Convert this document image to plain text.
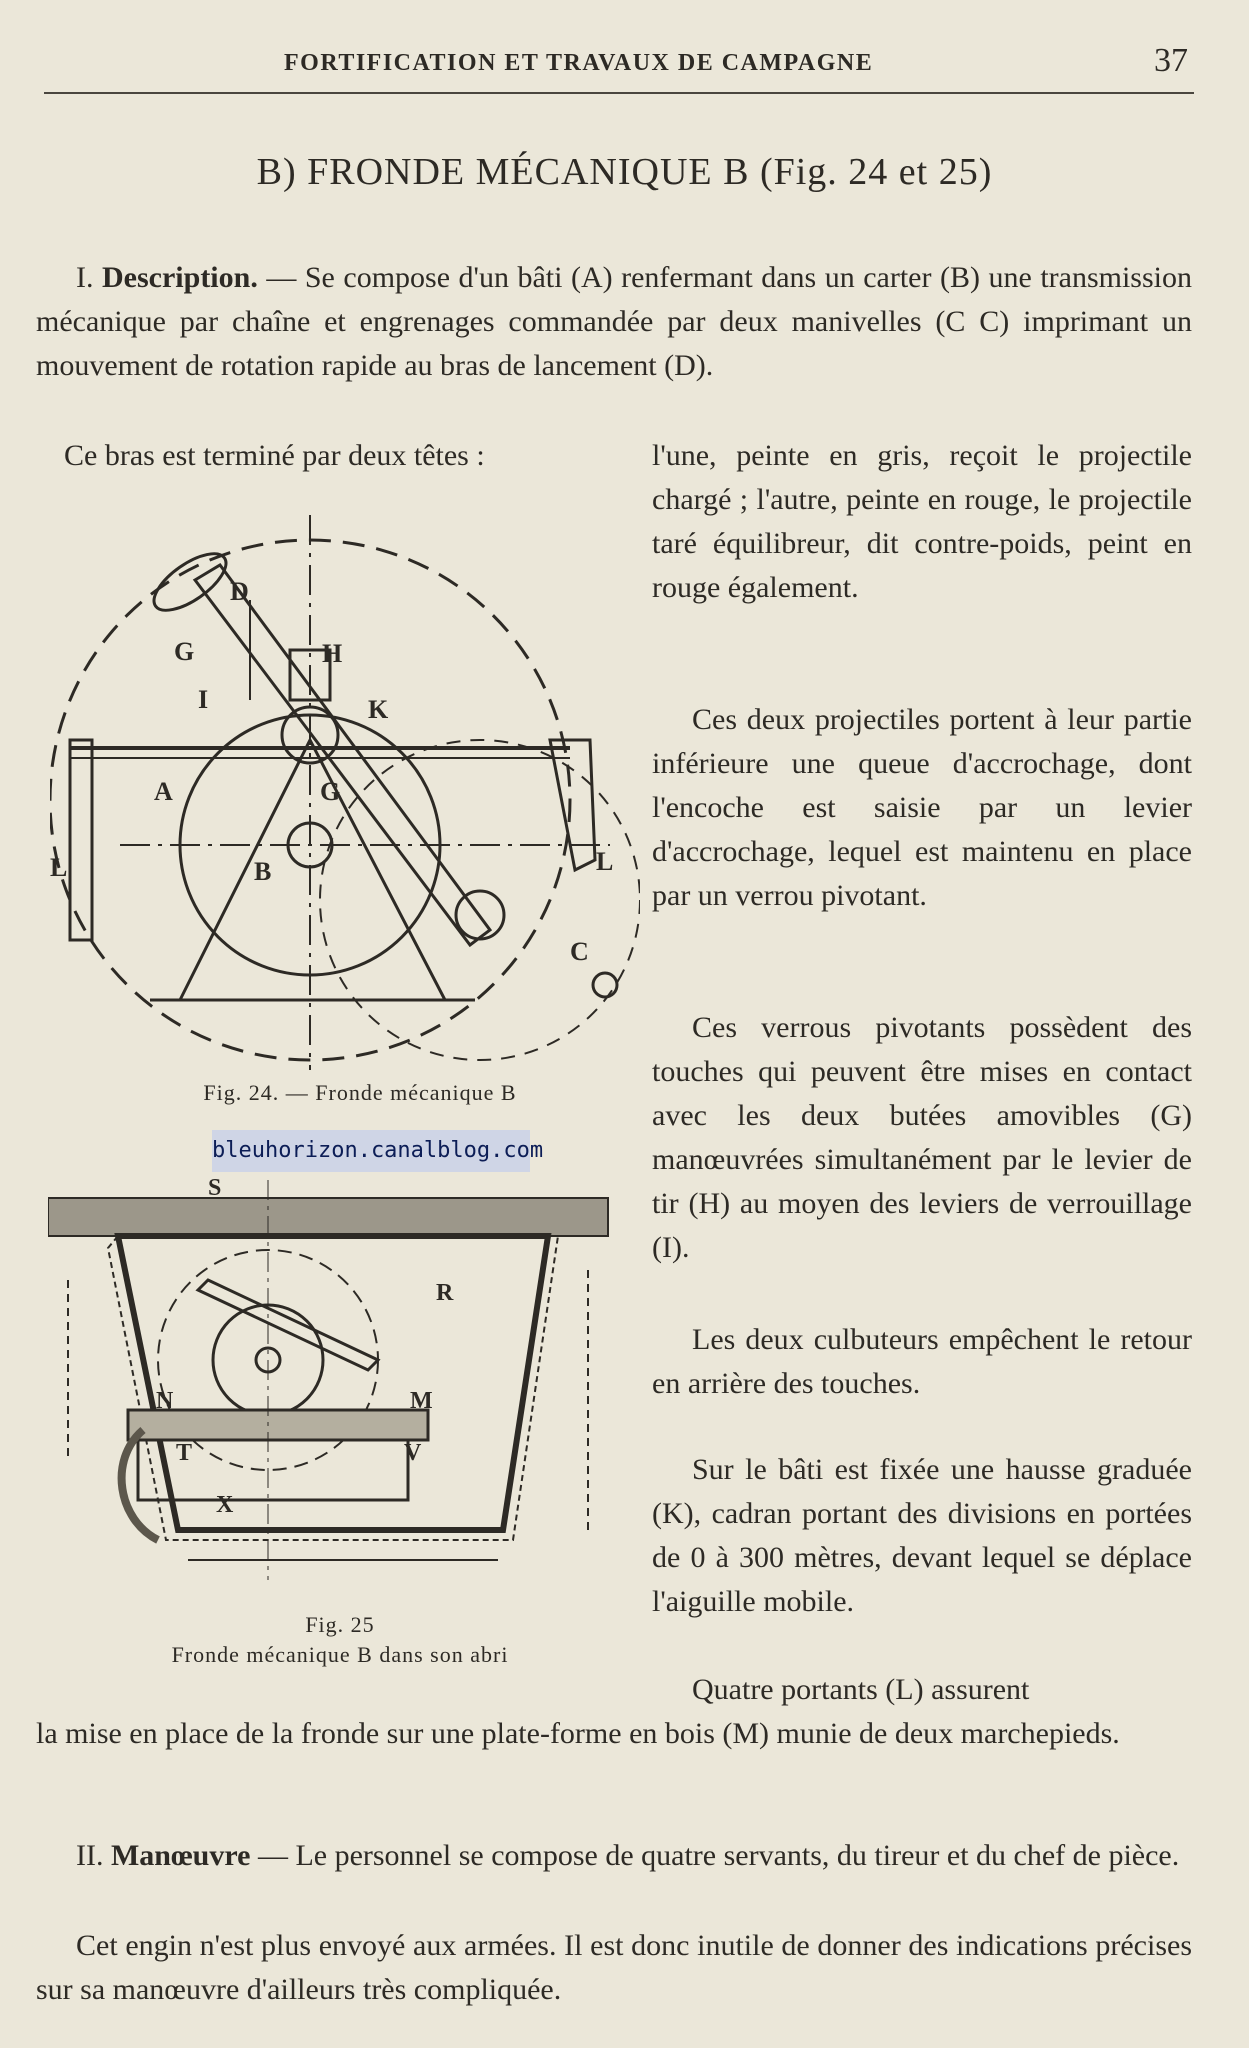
FORTIFICATION ET TRAVAUX DE CAMPAGNE	37
B) FRONDE MÉCANIQUE B (Fig. 24 et 25)
I. Description. — Se compose d'un bâti (A) renfermant dans un carter (B) une transmission mécanique par chaîne et engrenages commandée par deux manivelles (C C) imprimant un mouvement de rotation rapide au bras de lancement (D).
Ce bras est terminé par deux têtes :	l'une, peinte en gris, reçoit le projectile chargé ; l'autre, peinte en rouge, le projectile taré équilibreur, dit contre-poids, peint en rouge également.
Ces deux projectiles portent à leur partie inférieure une queue d'accrochage, dont l'encoche est saisie par un levier d'accrochage, lequel est maintenu en place par un verrou pivotant.
Ces verrous pivotants possèdent des touches qui peuvent être mises en contact avec les deux butées amovibles (G) manœuvrées simultanément par le levier de tir (H) au moyen des leviers de verrouillage (I).
Les deux culbuteurs empêchent le retour en arrière des touches.
Sur le bâti est fixée une hausse graduée (K), cadran portant des divisions en portées de 0 à 300 mètres, devant lequel se déplace l'aiguille mobile.
Quatre portants (L) assurent
la mise en place de la fronde sur une plate-forme en bois (M) munie de deux marchepieds.
II. Manœuvre — Le personnel se compose de quatre servants, du tireur et du chef de pièce.
Cet engin n'est plus envoyé aux armées. Il est donc inutile de donner des indications précises sur sa manœuvre d'ailleurs très compliquée.
D
G	H
I	K
A	G
B
L	L
C
Fig. 24. — Fronde mécanique B
bleuhorizon.canalblog.com
S
R
N	M
T	V
X
Fig. 25
Fronde mécanique B dans son abri
